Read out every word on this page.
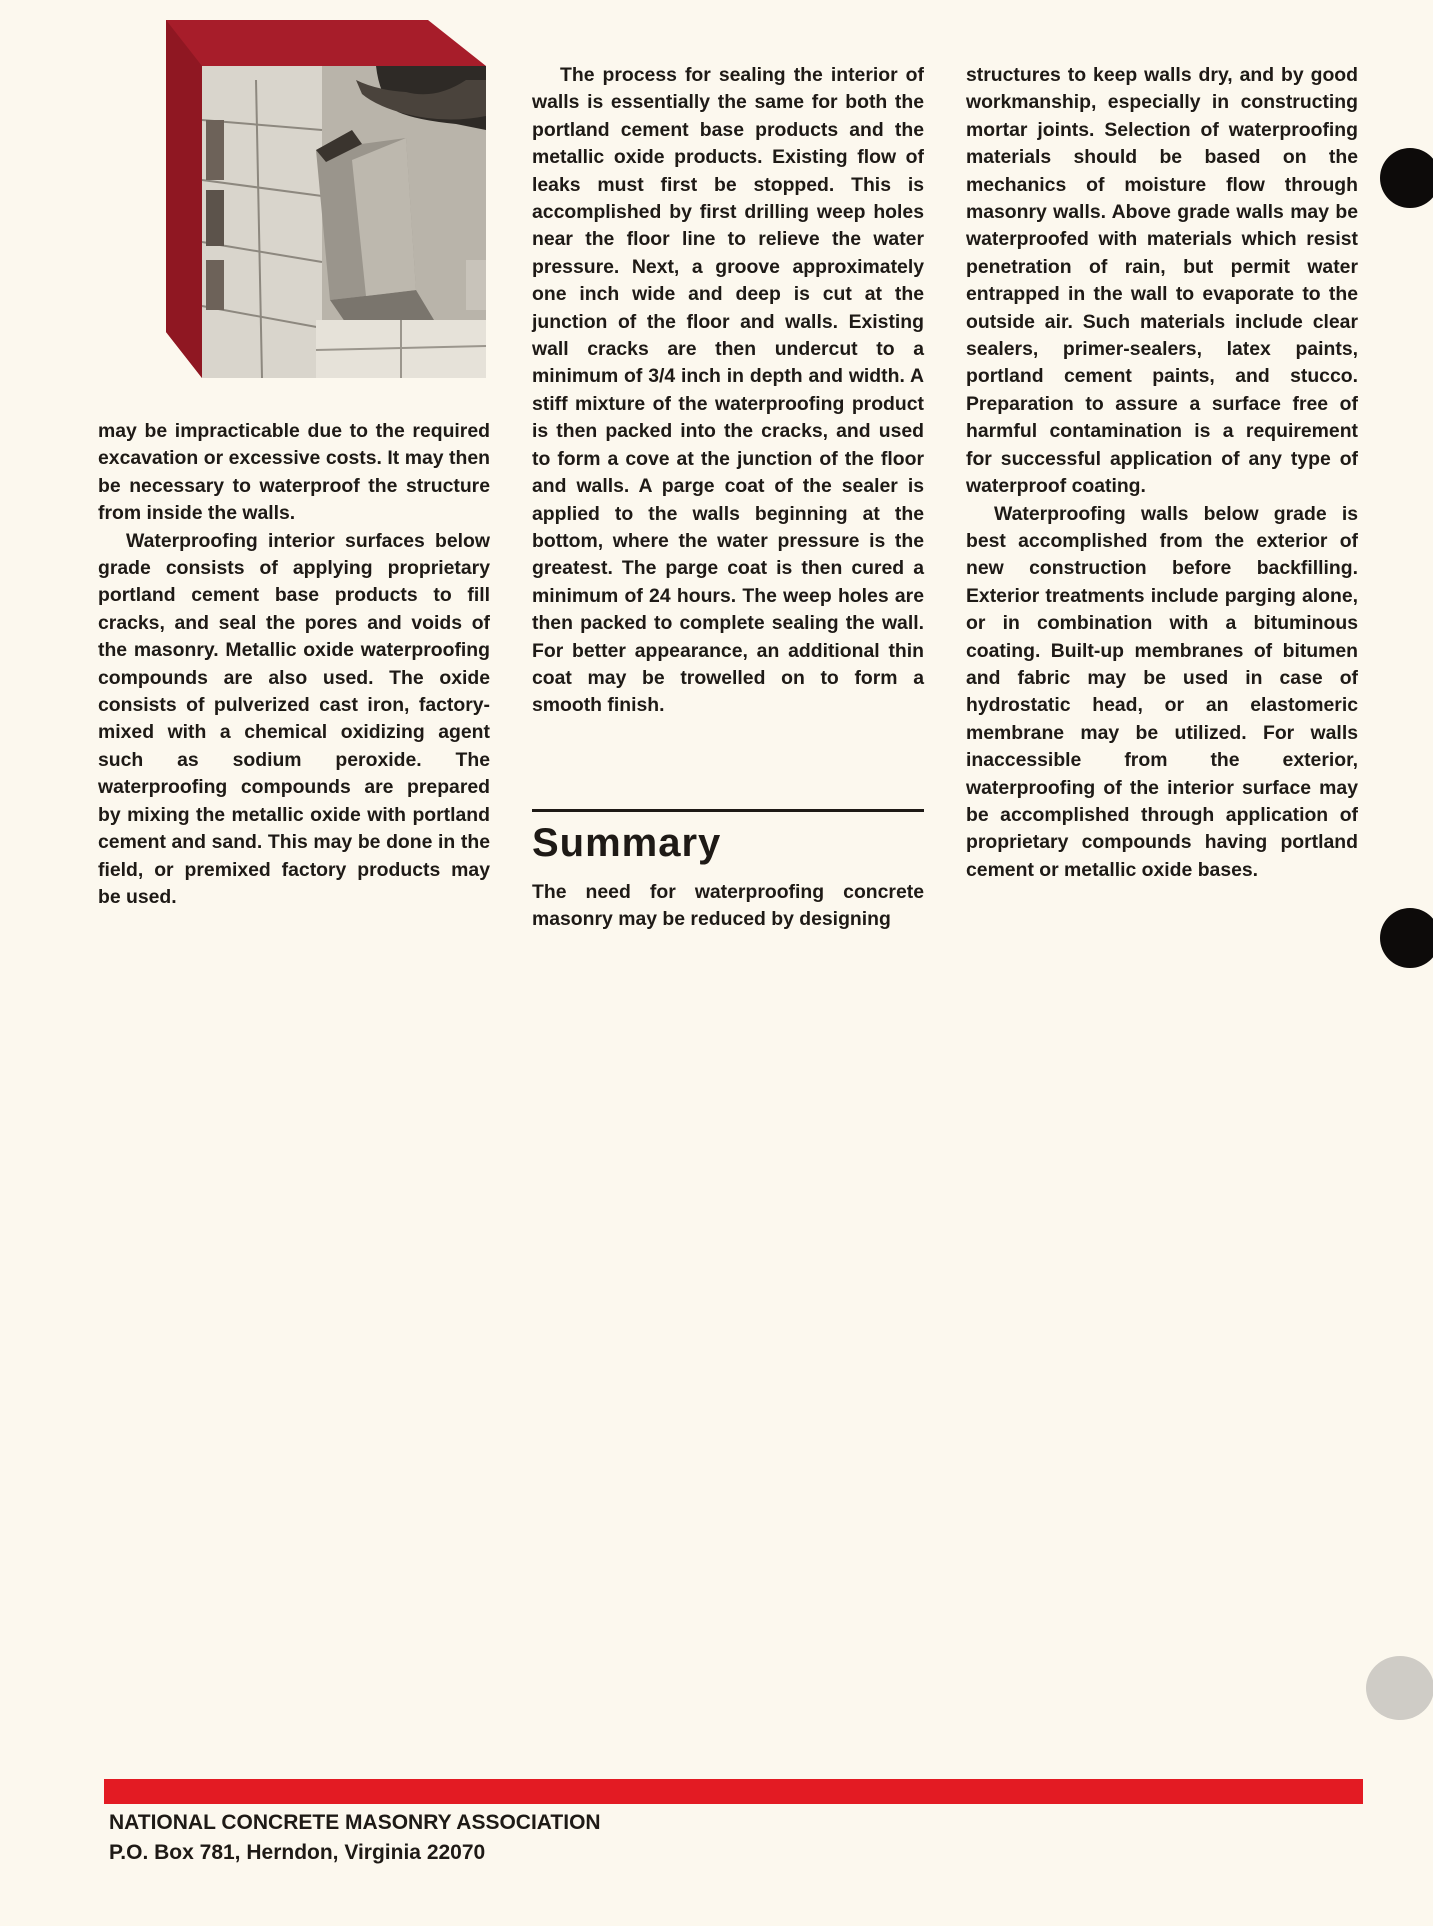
may be impracticable due to the required excavation or excessive costs. It may then be necessary to waterproof the structure from inside the walls.

Waterproofing interior surfaces below grade consists of applying proprietary portland cement base products to fill cracks, and seal the pores and voids of the masonry. Metallic oxide waterproofing compounds are also used. The oxide consists of pulverized cast iron, factory-mixed with a chemical oxidizing agent such as sodium peroxide. The waterproofing compounds are prepared by mixing the metallic oxide with portland cement and sand. This may be done in the field, or premixed factory products may be used.

The process for sealing the interior of walls is essentially the same for both the portland cement base products and the metallic oxide products. Existing flow of leaks must first be stopped. This is accomplished by first drilling weep holes near the floor line to relieve the water pressure. Next, a groove approximately one inch wide and deep is cut at the junction of the floor and walls. Existing wall cracks are then undercut to a minimum of 3/4 inch in depth and width. A stiff mixture of the waterproofing product is then packed into the cracks, and used to form a cove at the junction of the floor and walls. A parge coat of the sealer is applied to the walls beginning at the bottom, where the water pressure is the greatest. The parge coat is then cured a minimum of 24 hours. The weep holes are then packed to complete sealing the wall. For better appearance, an additional thin coat may be trowelled on to form a smooth finish.

Summary

The need for waterproofing concrete masonry may be reduced by designing

structures to keep walls dry, and by good workmanship, especially in constructing mortar joints. Selection of waterproofing materials should be based on the mechanics of moisture flow through masonry walls. Above grade walls may be waterproofed with materials which resist penetration of rain, but permit water entrapped in the wall to evaporate to the outside air. Such materials include clear sealers, primer-sealers, latex paints, portland cement paints, and stucco. Preparation to assure a surface free of harmful contamination is a requirement for successful application of any type of waterproof coating.

Waterproofing walls below grade is best accomplished from the exterior of new construction before backfilling. Exterior treatments include parging alone, or in combination with a bituminous coating. Built-up membranes of bitumen and fabric may be used in case of hydrostatic head, or an elastomeric membrane may be utilized. For walls inaccessible from the exterior, waterproofing of the interior surface may be accomplished through application of proprietary compounds having portland cement or metallic oxide bases.

NATIONAL CONCRETE MASONRY ASSOCIATION
P.O. Box 781, Herndon, Virginia 22070
